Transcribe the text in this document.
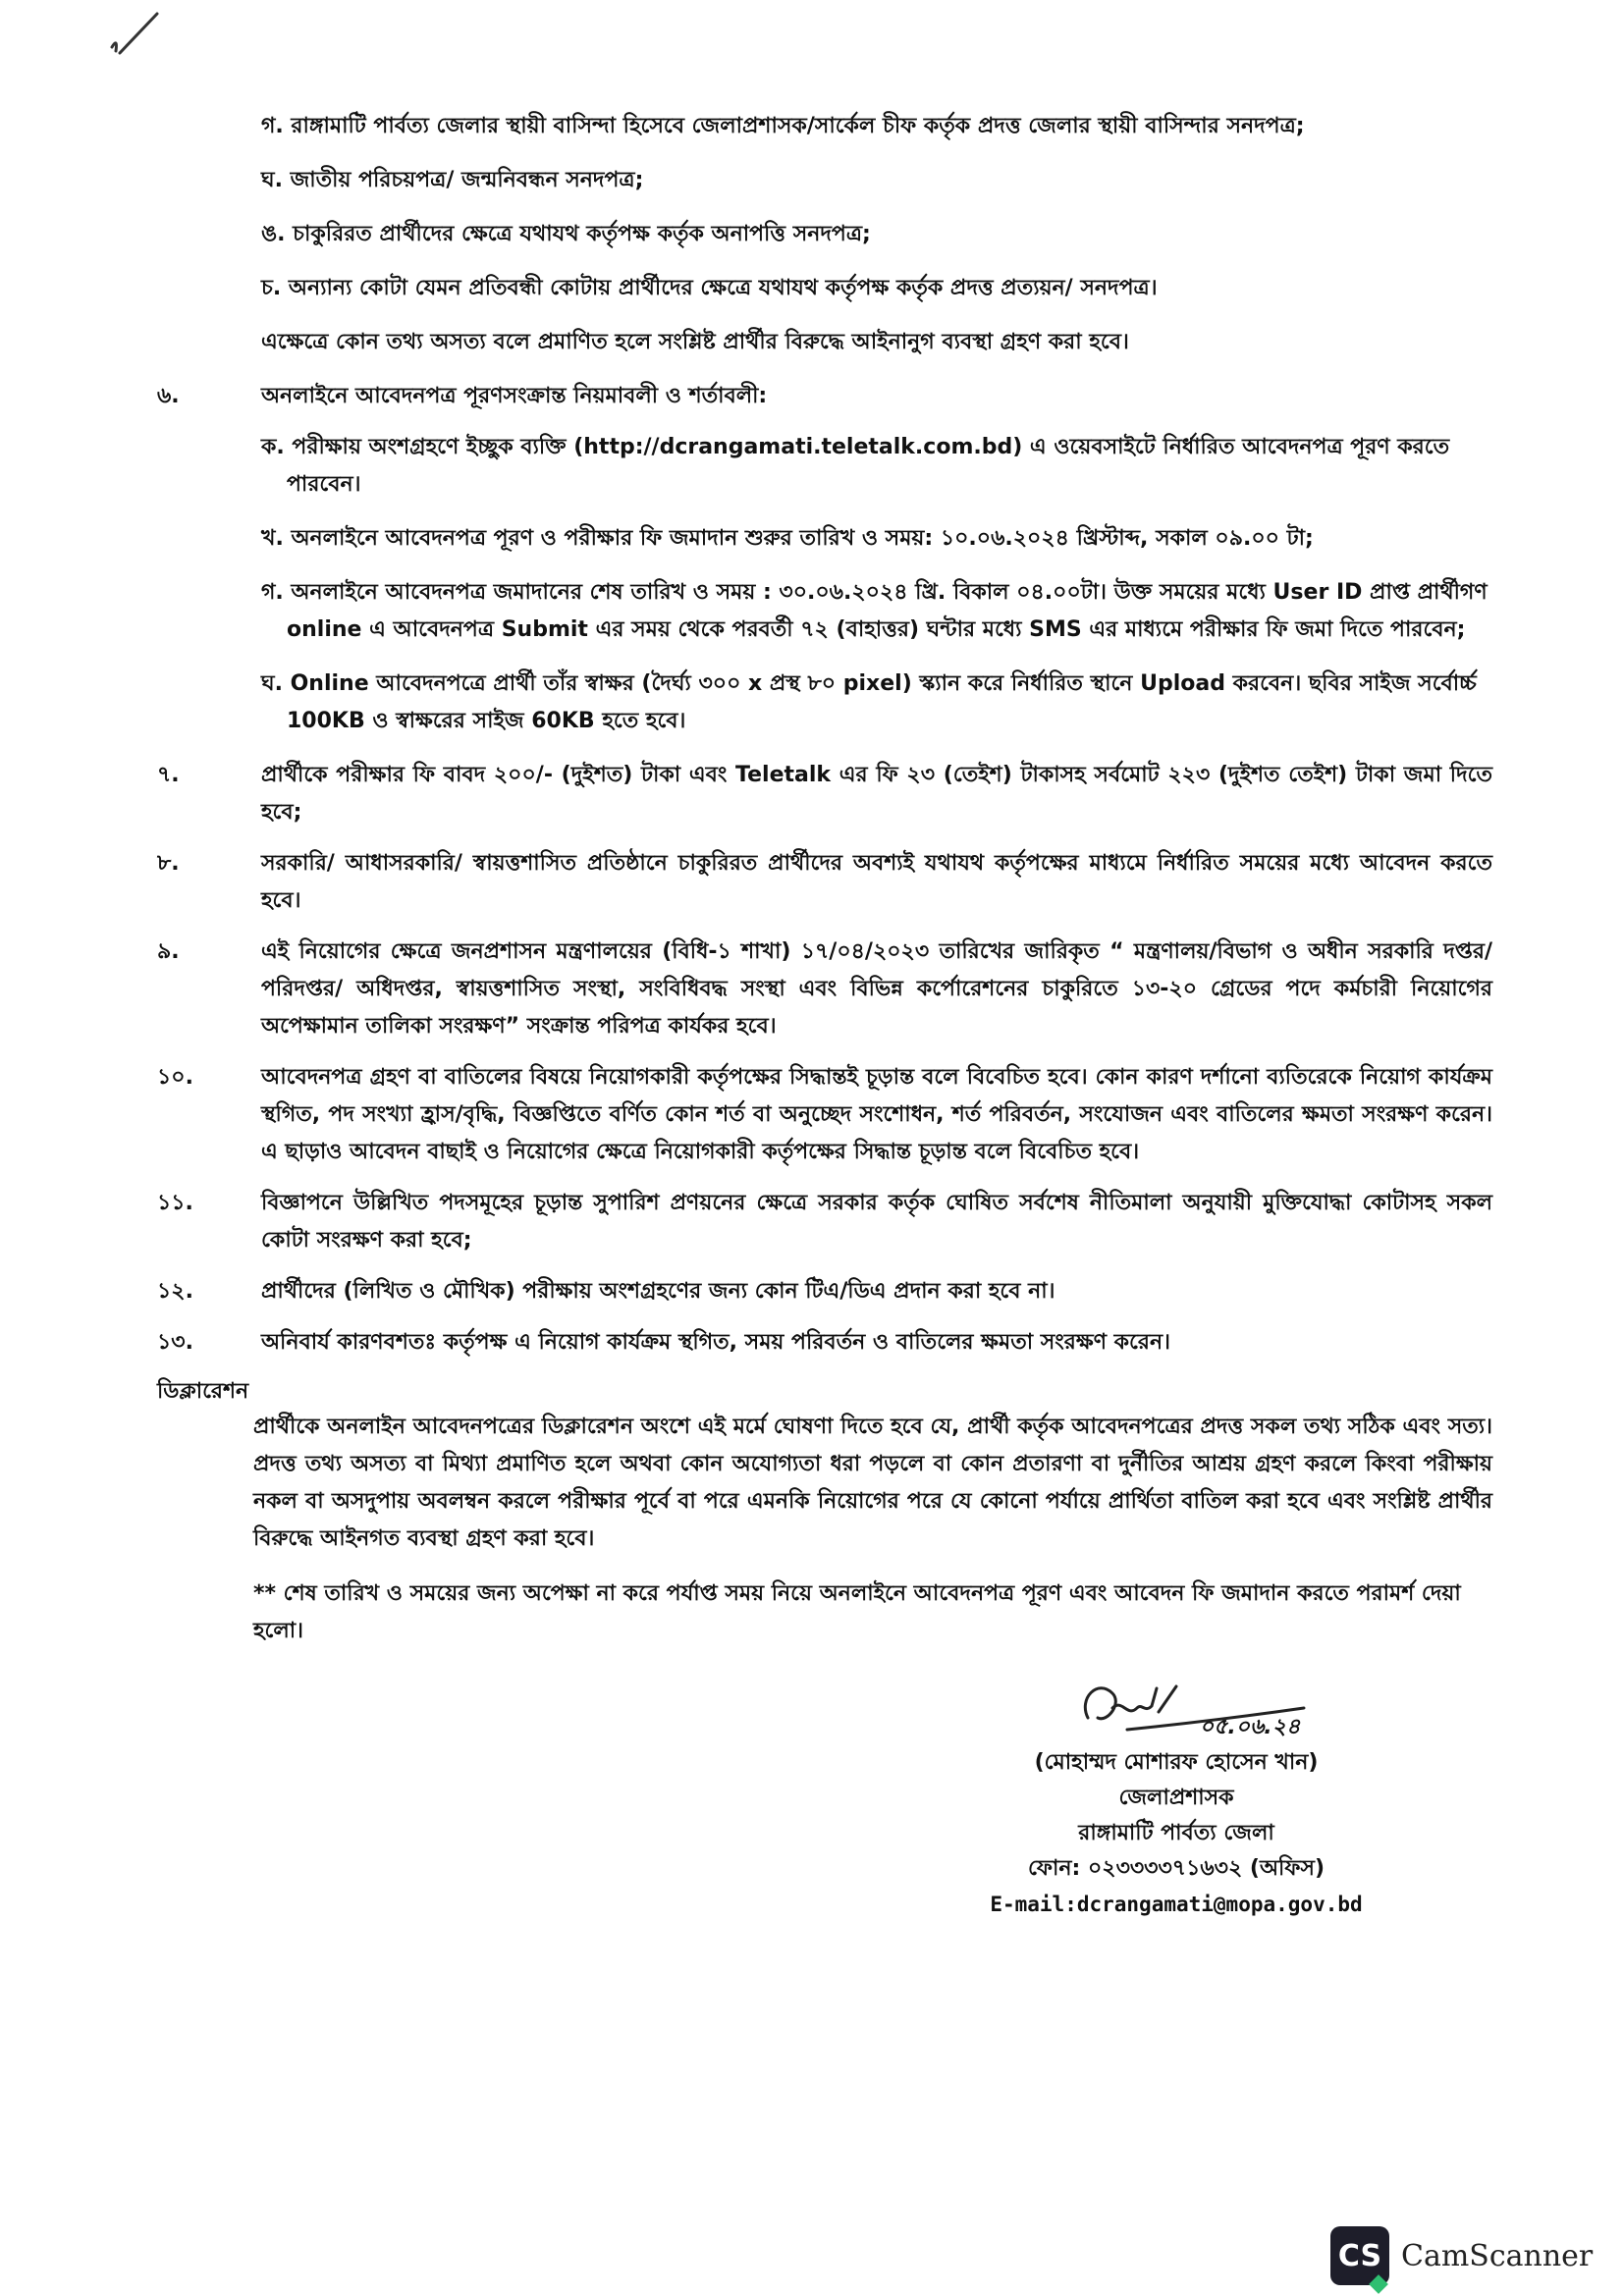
গ. রাঙ্গামাটি পার্বত্য জেলার স্থায়ী বাসিন্দা হিসেবে জেলাপ্রশাসক/সার্কেল চীফ কর্তৃক প্রদত্ত জেলার স্থায়ী বাসিন্দার সনদপত্র;

ঘ. জাতীয় পরিচয়পত্র/ জন্মনিবন্ধন সনদপত্র;

ঙ. চাকুরিরত প্রার্থীদের ক্ষেত্রে যথাযথ কর্তৃপক্ষ কর্তৃক অনাপত্তি সনদপত্র;

চ. অন্যান্য কোটা যেমন প্রতিবন্ধী কোটায় প্রার্থীদের ক্ষেত্রে যথাযথ কর্তৃপক্ষ কর্তৃক প্রদত্ত প্রত্যয়ন/ সনদপত্র।

এক্ষেত্রে কোন তথ্য অসত্য বলে প্রমাণিত হলে সংশ্লিষ্ট প্রার্থীর বিরুদ্ধে আইনানুগ ব্যবস্থা গ্রহণ করা হবে।

৬.	অনলাইনে আবেদনপত্র পূরণসংক্রান্ত নিয়মাবলী ও শর্তাবলী:

ক. পরীক্ষায় অংশগ্রহণে ইচ্ছুক ব্যক্তি (http://dcrangamati.teletalk.com.bd) এ ওয়েবসাইটে নির্ধারিত আবেদনপত্র পূরণ করতে পারবেন।

খ. অনলাইনে আবেদনপত্র পূরণ ও পরীক্ষার ফি জমাদান শুরুর তারিখ ও সময়: ১০.০৬.২০২৪ খ্রিস্টাব্দ, সকাল ০৯.০০ টা;

গ. অনলাইনে আবেদনপত্র জমাদানের শেষ তারিখ ও সময় : ৩০.০৬.২০২৪ খ্রি. বিকাল ০৪.০০টা। উক্ত সময়ের মধ্যে User ID প্রাপ্ত প্রার্থীগণ online এ আবেদনপত্র Submit এর সময় থেকে পরবর্তী ৭২ (বাহাত্তর) ঘন্টার মধ্যে SMS এর মাধ্যমে পরীক্ষার ফি জমা দিতে পারবেন;

ঘ. Online আবেদনপত্রে প্রার্থী তাঁর স্বাক্ষর (দৈর্ঘ্য ৩০০ x প্রস্থ ৮০ pixel) স্ক্যান করে নির্ধারিত স্থানে Upload করবেন। ছবির সাইজ সর্বোর্চ্চ 100KB ও স্বাক্ষরের সাইজ 60KB হতে হবে।

৭.	প্রার্থীকে পরীক্ষার ফি বাবদ ২০০/- (দুইশত) টাকা এবং Teletalk এর ফি ২৩ (তেইশ) টাকাসহ সর্বমোট ২২৩ (দুইশত তেইশ) টাকা জমা দিতে হবে;
৮.	সরকারি/ আধাসরকারি/ স্বায়ত্তশাসিত প্রতিষ্ঠানে চাকুরিরত প্রার্থীদের অবশ্যই যথাযথ কর্তৃপক্ষের মাধ্যমে নির্ধারিত সময়ের মধ্যে আবেদন করতে হবে।
৯.	এই নিয়োগের ক্ষেত্রে জনপ্রশাসন মন্ত্রণালয়ের (বিধি-১ শাখা) ১৭/০৪/২০২৩ তারিখের জারিকৃত “ মন্ত্রণালয়/বিভাগ ও অধীন সরকারি দপ্তর/ পরিদপ্তর/ অধিদপ্তর, স্বায়ত্তশাসিত সংস্থা, সংবিধিবদ্ধ সংস্থা এবং বিভিন্ন কর্পোরেশনের চাকুরিতে ১৩-২০ গ্রেডের পদে কর্মচারী নিয়োগের অপেক্ষামান তালিকা সংরক্ষণ” সংক্রান্ত পরিপত্র কার্যকর হবে।
১০.	আবেদনপত্র গ্রহণ বা বাতিলের বিষয়ে নিয়োগকারী কর্তৃপক্ষের সিদ্ধান্তই চূড়ান্ত বলে বিবেচিত হবে। কোন কারণ দর্শানো ব্যতিরেকে নিয়োগ কার্যক্রম স্থগিত, পদ সংখ্যা হ্রাস/বৃদ্ধি, বিজ্ঞপ্তিতে বর্ণিত কোন শর্ত বা অনুচ্ছেদ সংশোধন, শর্ত পরিবর্তন, সংযোজন এবং বাতিলের ক্ষমতা সংরক্ষণ করেন। এ ছাড়াও আবেদন বাছাই ও নিয়োগের ক্ষেত্রে নিয়োগকারী কর্তৃপক্ষের সিদ্ধান্ত চূড়ান্ত বলে বিবেচিত হবে।
১১.	বিজ্ঞাপনে উল্লিখিত পদসমূহের চূড়ান্ত সুপারিশ প্রণয়নের ক্ষেত্রে সরকার কর্তৃক ঘোষিত সর্বশেষ নীতিমালা অনুযায়ী মুক্তিযোদ্ধা কোটাসহ সকল কোটা সংরক্ষণ করা হবে;
১২.	প্রার্থীদের (লিখিত ও মৌখিক) পরীক্ষায় অংশগ্রহণের জন্য কোন টিএ/ডিএ প্রদান করা হবে না।
১৩.	অনিবার্য কারণবশতঃ কর্তৃপক্ষ এ নিয়োগ কার্যক্রম স্থগিত, সময় পরিবর্তন ও বাতিলের ক্ষমতা সংরক্ষণ করেন।
ডিক্লারেশন
প্রার্থীকে অনলাইন আবেদনপত্রের ডিক্লারেশন অংশে এই মর্মে ঘোষণা দিতে হবে যে, প্রার্থী কর্তৃক আবেদনপত্রের প্রদত্ত সকল তথ্য সঠিক এবং সত্য। প্রদত্ত তথ্য অসত্য বা মিথ্যা প্রমাণিত হলে অথবা কোন অযোগ্যতা ধরা পড়লে বা কোন প্রতারণা বা দুর্নীতির আশ্রয় গ্রহণ করলে কিংবা পরীক্ষায় নকল বা অসদুপায় অবলম্বন করলে পরীক্ষার পূর্বে বা পরে এমনকি নিয়োগের পরে যে কোনো পর্যায়ে প্রার্থিতা বাতিল করা হবে এবং সংশ্লিষ্ট প্রার্থীর বিরুদ্ধে আইনগত ব্যবস্থা গ্রহণ করা হবে।
** শেষ তারিখ ও সময়ের জন্য অপেক্ষা না করে পর্যাপ্ত সময় নিয়ে অনলাইনে আবেদনপত্র পূরণ এবং আবেদন ফি জমাদান করতে পরামর্শ দেয়া হলো।
০৫.০৬.২৪
(মোহাম্মদ মোশারফ হোসেন খান)
জেলাপ্রশাসক
রাঙ্গামাটি পার্বত্য জেলা
ফোন: ০২৩৩৩৩৭১৬৩২ (অফিস)
E-mail:dcrangamati@mopa.gov.bd
CS CamScanner
